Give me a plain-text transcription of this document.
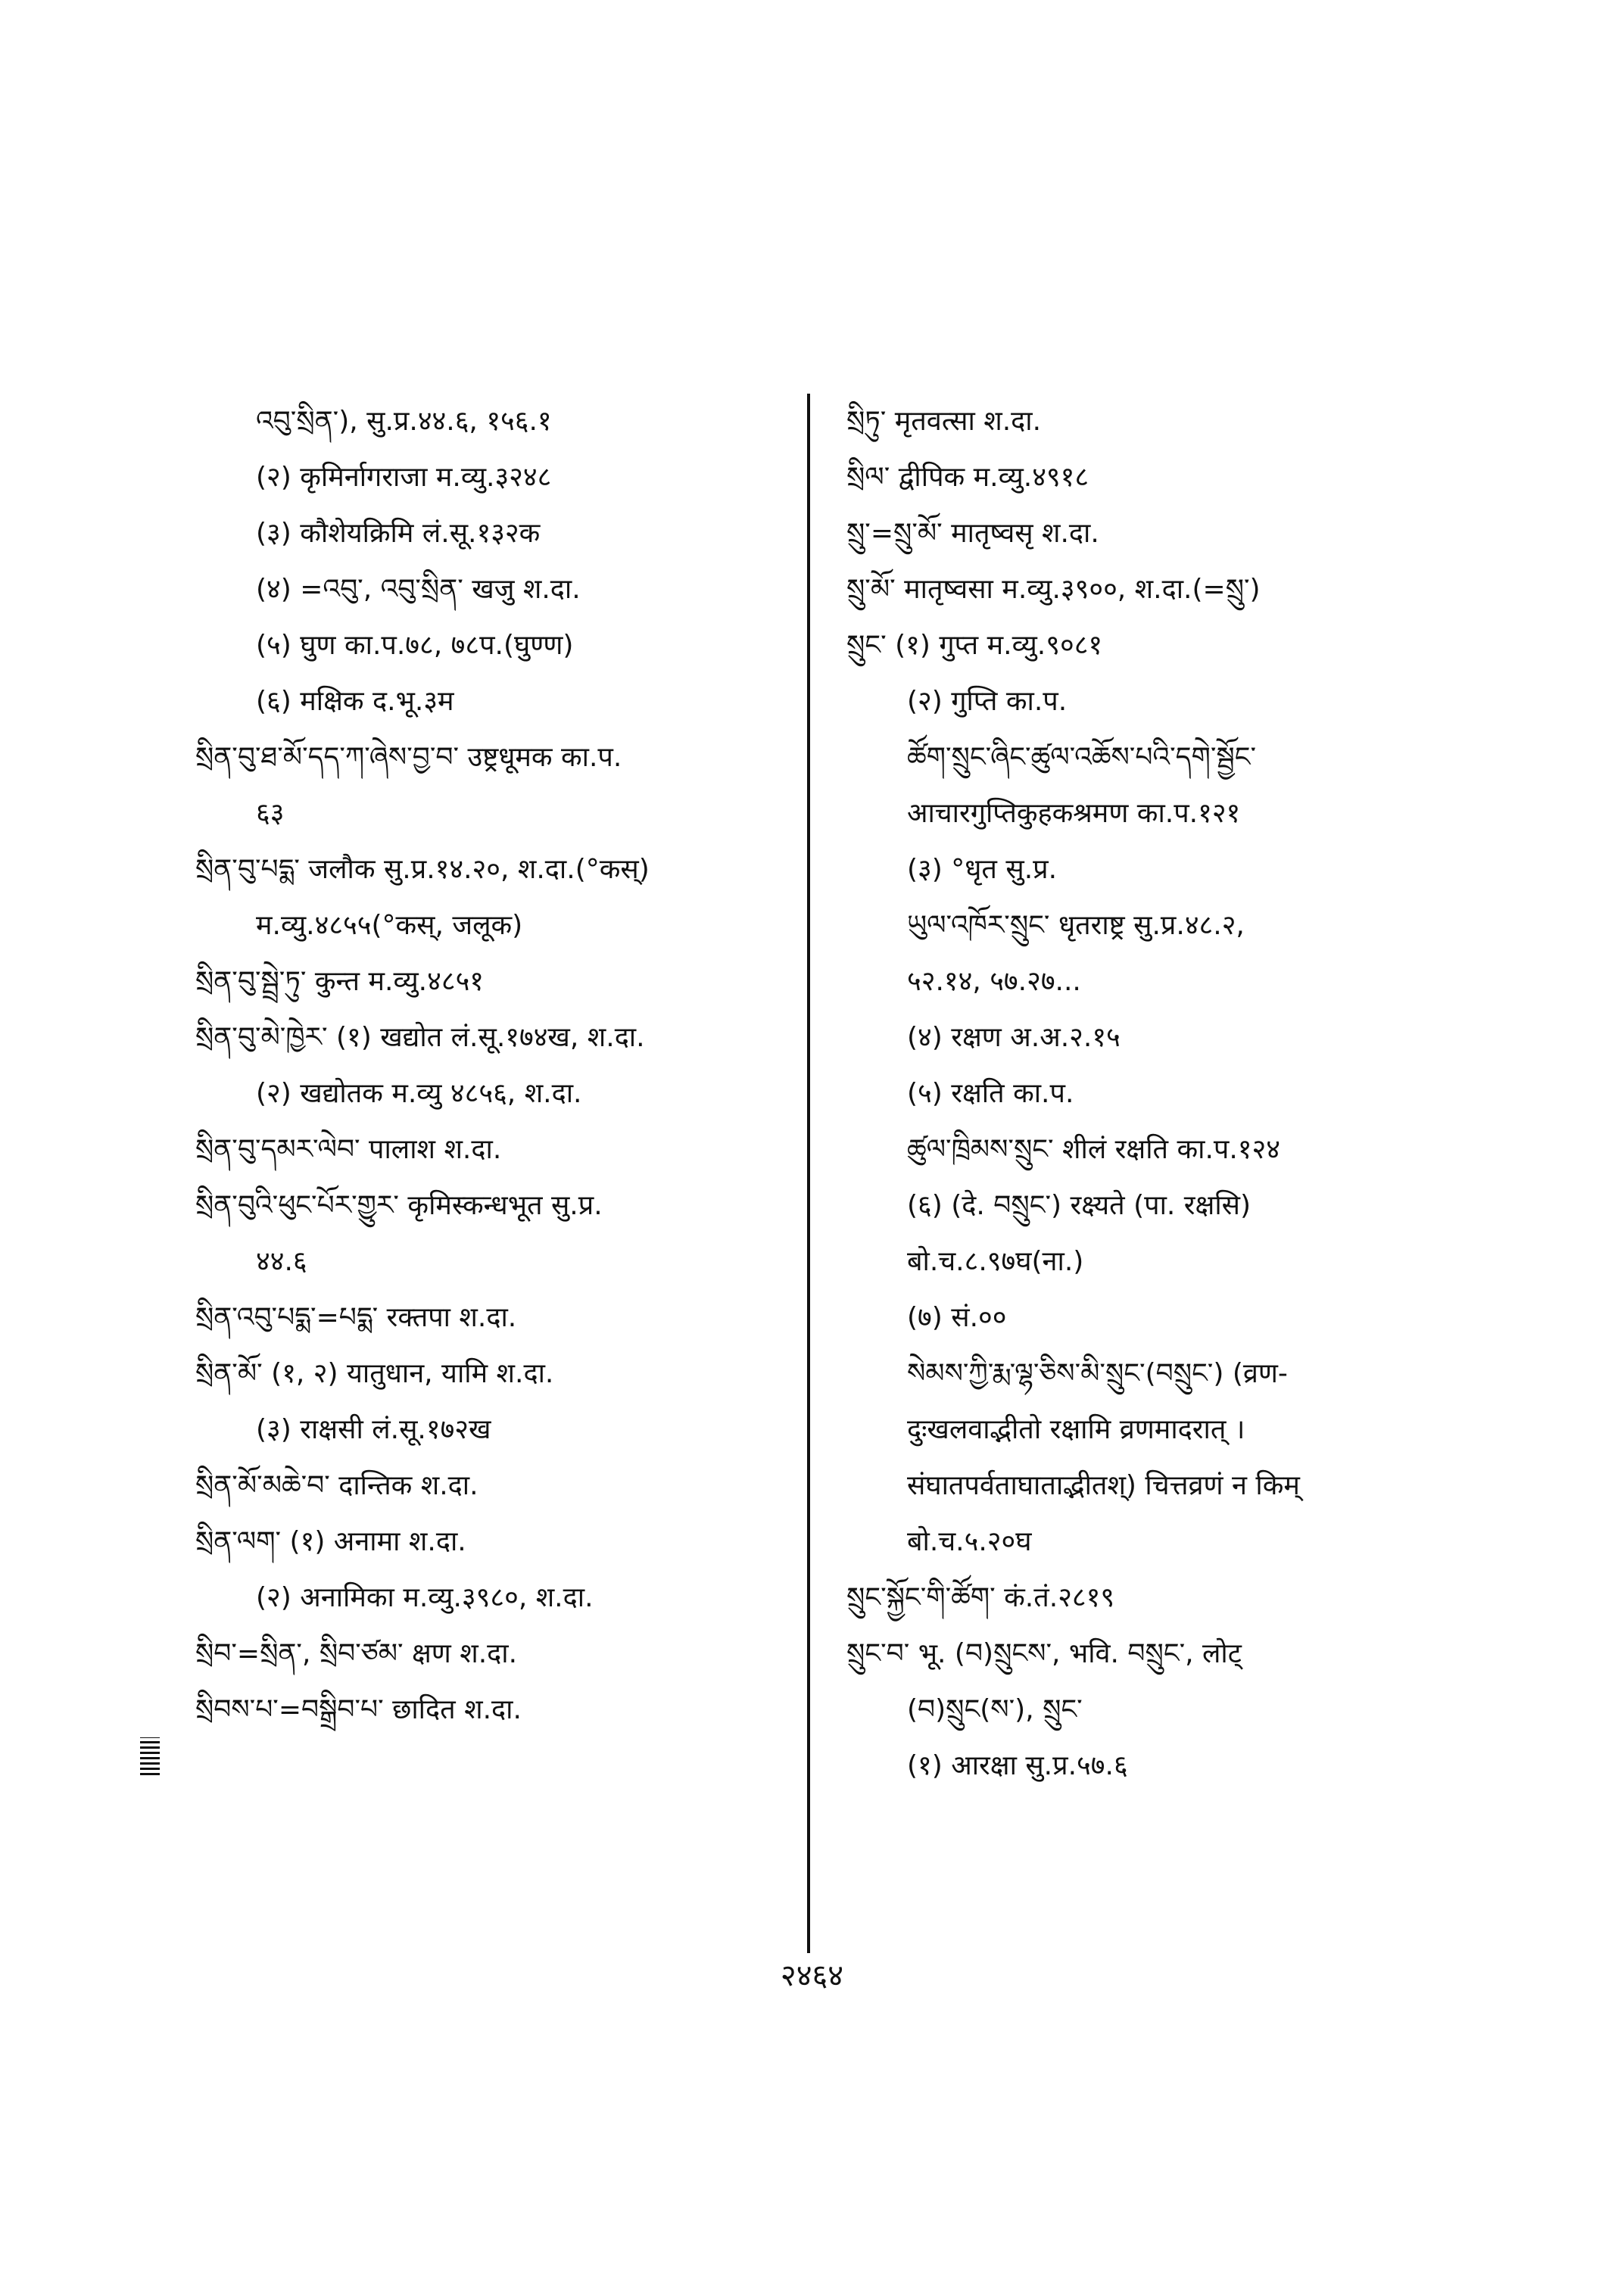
འབུ་སྲིན་), सु.प्र.४४.६, १५६.१
(२) कृमिर्नागराजा म.व्यु.३२४८
(३) कौशेयक्रिमि लं.सू.१३२क
(४) =འབུ་, འབུ་སྲིན་ खजु श.दा.
(५) घुण का.प.७८, ७८प.(घुण्ण)
(६) मक्षिक द.भू.३म
སྲིན་བུ་ཐ་མོ་དད་ཀ་ཞེས་བྱ་བ་ उष्ट्रधूमक का.प.
६३
སྲིན་བུ་པདྨ་ जलौक सु.प्र.१४.२०, श.दा.(°कस्)
म.व्यु.४८५५(°कस्, जलूक)
སྲིན་བུ་སྦྲེ་ཏུ་ कुन्त म.व्यु.४८५१
སྲིན་བུ་མེ་ཁྱེར་ (१) खद्योत लं.सू.१७४ख, श.दा.
(२) खद्योतक म.व्यु ४८५६, श.दा.
སྲིན་བུ་དམར་ལེབ་ पालाश श.दा.
སྲིན་བུའི་ཕུང་པོར་གྱུར་ कृमिस्कन्धभूत सु.प्र.
४४.६
སྲིན་འབུ་པདྨ་=པདྨ་ रक्तपा श.दा.
སྲིན་མོ་ (१, २) यातुधान, यामि श.दा.
(३) राक्षसी लं.सू.१७२ख
སྲིན་མོ་མཆེ་བ་ दान्तिक श.दा.
སྲིན་ལག་ (१) अनामा श.दा.
(२) अनामिका म.व्यु.३९८०, श.दा.
སྲིབ་=སྲིན་, སྲིབ་ཙམ་ क्षण श.दा.
སྲིབས་པ་=བསྒྲིབ་པ་ छादित श.दा.
སྲིཏུ་ मृतवत्सा श.दा.
སྲིལ་ द्वीपिक म.व्यु.४९१८
སྲུ་=སྲུ་མོ་ मातृष्वसृ श.दा.
སྲུ་མོ་ मातृष्वसा म.व्यु.३९००, श.दा.(=སྲུ་)
སྲུང་ (१) गुप्त म.व्यु.९०८१
(२) गुप्ति का.प.
ཚོག་སྲུང་ཞིང་ཚུལ་འཆོས་པའི་དགེ་སྦྱོང་
आचारगुप्तिकुहकश्रमण का.प.१२१
(३) °धृत सु.प्र.
ཡུལ་འཁོར་སྲུང་ धृतराष्ट्र सु.प्र.४८.२,
५२.१४, ५७.२७...
(४) रक्षण अ.अ.२.१५
(५) रक्षति का.प.
ཚུལ་ཁྲིམས་སྲུང་ शीलं रक्षति का.प.१२४
(६) (दे. བསྲུང་) रक्ष्यते (पा. रक्षसि)
बो.च.८.९७घ(ना.)
(७) सं.००
སེམས་ཀྱི་རྨ་ལྷ་ཅིས་མི་སྲུང་(བསྲུང་) (व्रण-
दुःखलवाद्भीतो रक्षामि व्रणमादरात् ।
संघातपर्वताघाताद्भीतश्) चित्तव्रणं न किम्
बो.च.५.२०घ
སྲུང་སྐྱོང་གི་ཚོག་ कं.तं.२८१९
སྲུང་བ་ भू. (བ)སྲུངས་, भवि. བསྲུང་, लोट्
(བ)སྲུང(ས་), སྲུང་
(१) आरक्षा सु.प्र.५७.६
२४६४
